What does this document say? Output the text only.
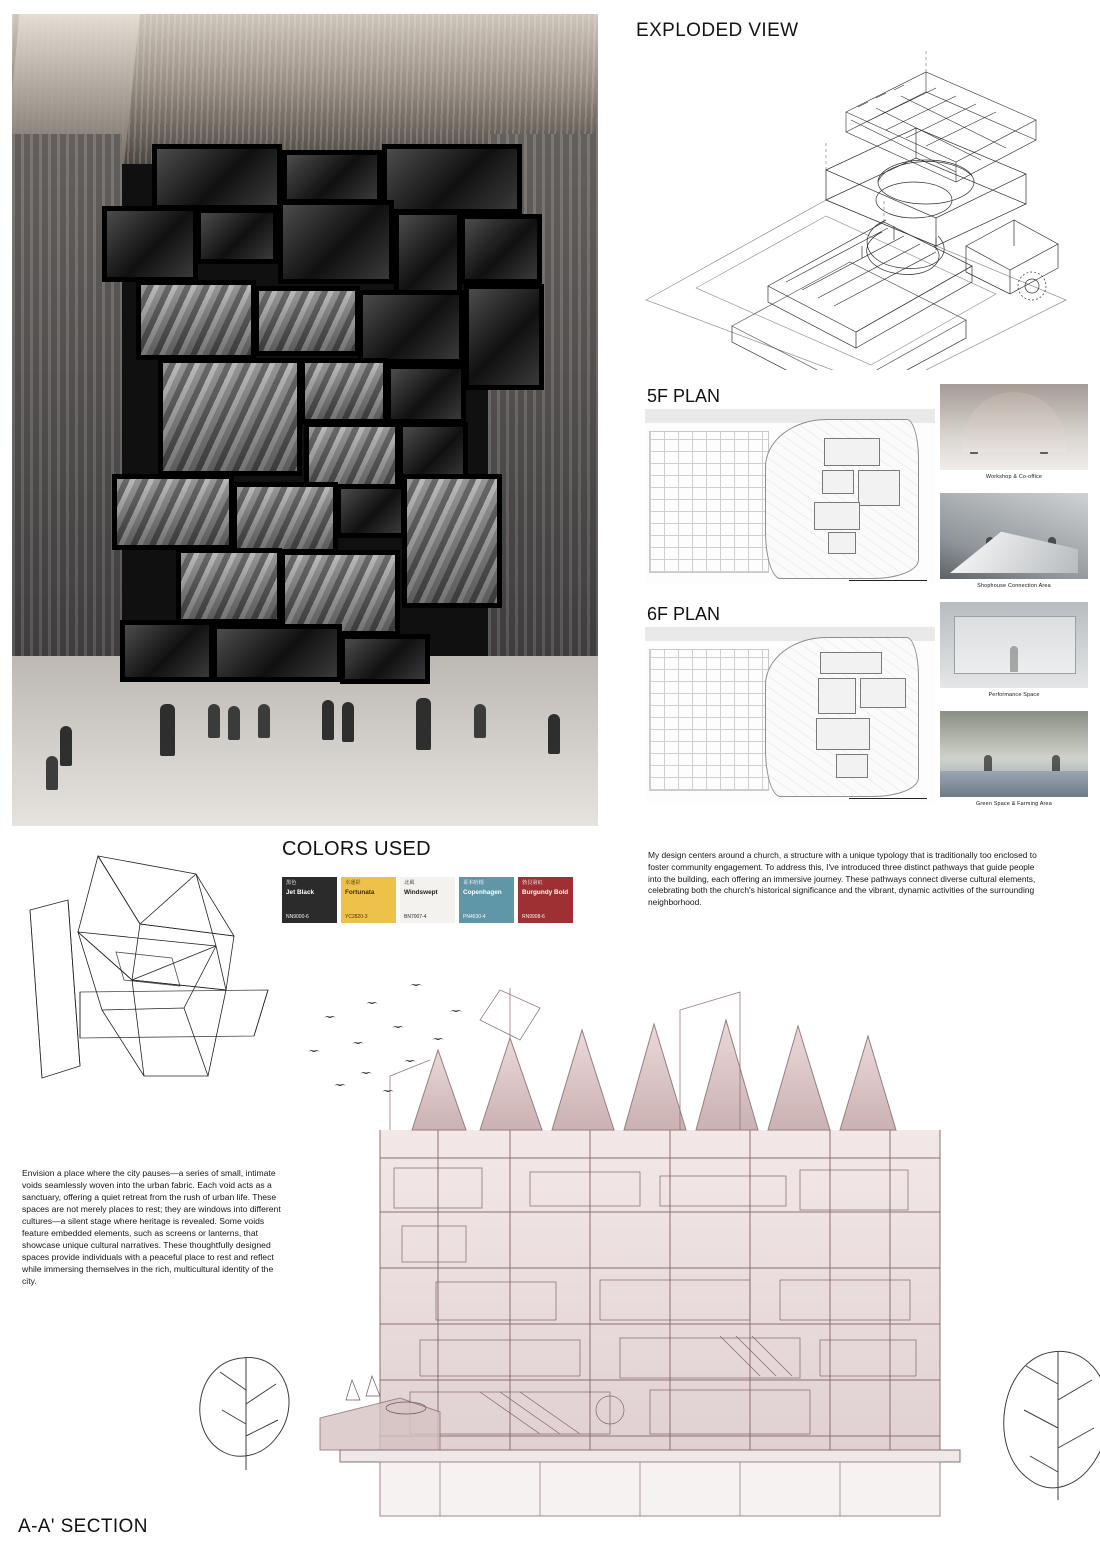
EXPLODED VIEW
5F PLAN
6F PLAN
Workshop & Co-office
Shophouse Connection Area
Performance Space
Green Space & Farming Area
COLORS USED
黑色
Jet Black
NN9000-6
幸運彩
Fortunata
YC2820-3
北風
Windswept
BN7007-4
哥本哈根
Copenhagen
PN4630-4
勃艮第紅
Burgundy Bold
RN9908-6

My design centers around a church, a structure with a unique typology that is traditionally too enclosed to foster community engagement. To address this, I've introduced three distinct pathways that guide people into the building, each offering an immersive journey. These pathways connect diverse cultural elements, celebrating both the church's historical significance and the vibrant, dynamic activities of the surrounding neighborhood.

Envision a place where the city pauses—a series of small, intimate voids seamlessly woven into the urban fabric. Each void acts as a sanctuary, offering a quiet retreat from the rush of urban life. These spaces are not merely places to rest; they are windows into different cultures—a silent stage where heritage is revealed. Some voids feature embedded elements, such as screens or lanterns, that showcase unique cultural narratives. These thoughtfully designed spaces provide individuals with a peaceful place to rest and reflect while immersing themselves in the rich, multicultural identity of the city.

A-A' SECTION
